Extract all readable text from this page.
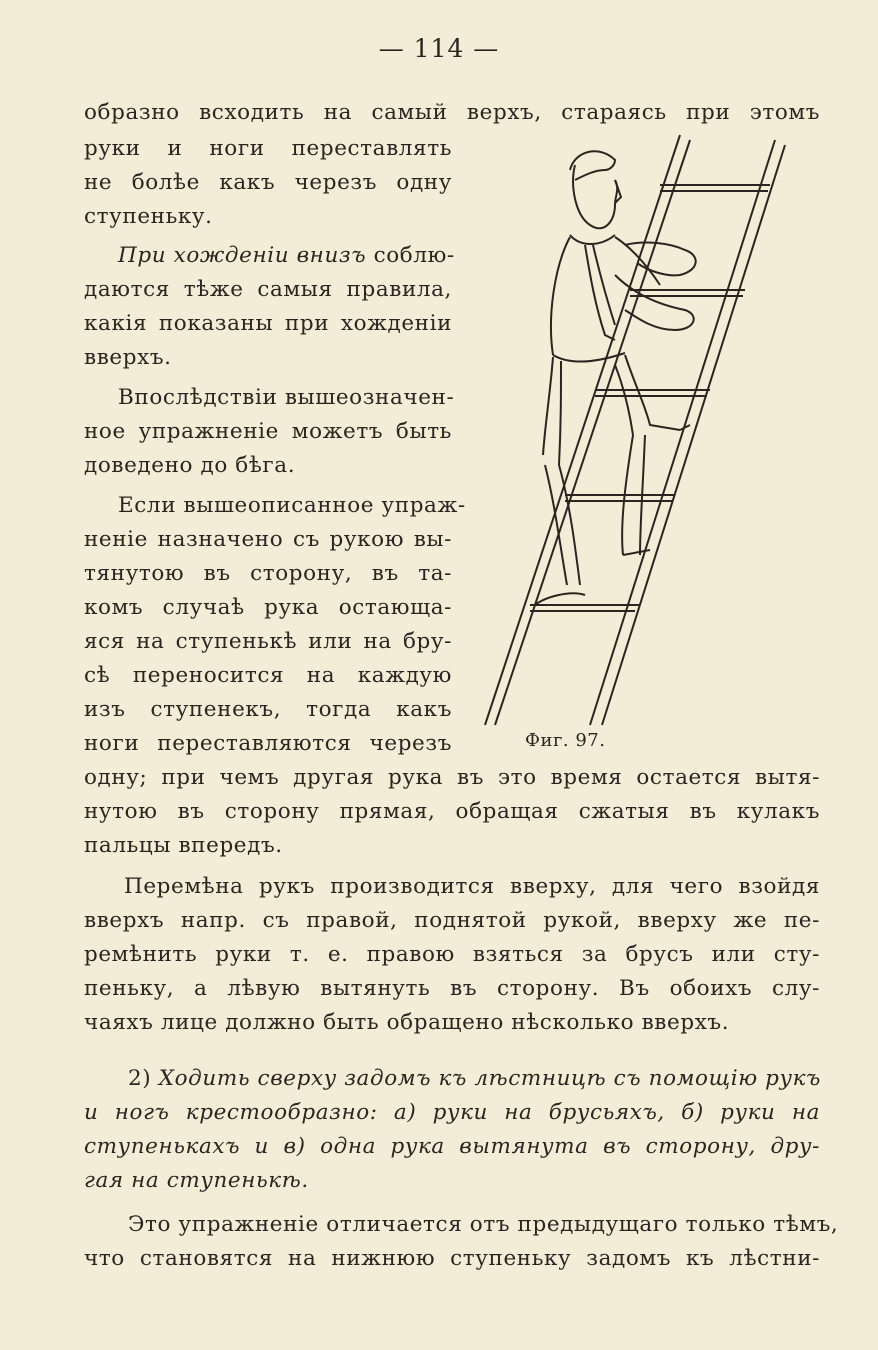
— 114 —
образно всходить на самый верхъ, стараясь при этомъ
руки и ноги переставлять
не болѣе какъ черезъ одну
ступеньку.
При хожденiи внизъ соблю-
даются тѣже самыя правила,
какiя показаны при хожденiи
вверхъ.
Впослѣдствiи вышеозначен-
ное упражненiе можетъ быть
доведено до бѣга.
Если вышеописанное упраж-
ненiе назначено съ рукою вы-
тянутою въ сторону, въ та-
комъ случаѣ рука остающа-
яся на ступенькѣ или на бру-
сѣ переносится на каждую
изъ ступенекъ, тогда какъ
ноги переставляются черезъ	Фиг. 97.
одну; при чемъ другая рука въ это время остается вытя-
нутою въ сторону прямая, обращая сжатыя въ кулакъ
пальцы впередъ.
Перемѣна рукъ производится вверху, для чего взойдя
вверхъ напр. съ правой, поднятой рукой, вверху же пе-
ремѣнить руки т. е. правою взяться за брусъ или сту-
пеньку, а лѣвую вытянуть въ сторону. Въ обоихъ слу-
чаяхъ лице должно быть обращено нѣсколько вверхъ.
2) Ходить сверху задомъ къ лѣстницѣ съ помощiю рукъ
и ногъ крестообразно: а) руки на брусьяхъ, б) руки на
ступенькахъ и в) одна рука вытянута въ сторону, дру-
гая на ступенькѣ.
Это упражненiе отличается отъ предыдущаго только тѣмъ,
что становятся на нижнюю ступеньку задомъ къ лѣстни-
